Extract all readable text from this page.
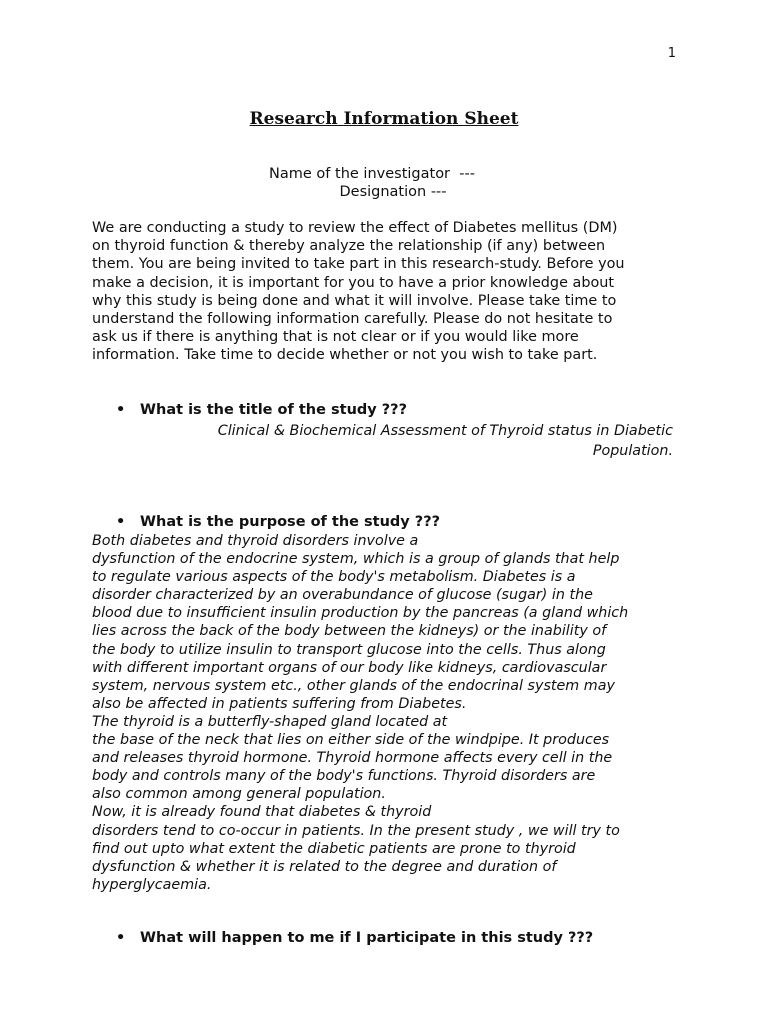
1
Research Information Sheet

Name of the investigator  ---

Designation ---

We are conducting a study to review the effect of Diabetes mellitus (DM)
on thyroid function & thereby analyze the relationship (if any) between
them. You are being invited to take part in this research-study. Before you
make a decision, it is important for you to have a prior knowledge about
why this study is being done and what it will involve. Please take time to
understand the following information carefully. Please do not hesitate to
ask us if there is anything that is not clear or if you would like more
information. Take time to decide whether or not you wish to take part.

• What is the title of the study ???

Clinical & Biochemical Assessment of Thyroid status in Diabetic
Population.

• What is the purpose of the study ???

Both diabetes and thyroid disorders involve a
dysfunction of the endocrine system, which is a group of glands that help
to regulate various aspects of the body's metabolism. Diabetes is a
disorder characterized by an overabundance of glucose (sugar) in the
blood due to insufficient insulin production by the pancreas (a gland which
lies across the back of the body between the kidneys) or the inability of
the body to utilize insulin to transport glucose into the cells. Thus along
with different important organs of our body like kidneys, cardiovascular
system, nervous system etc., other glands of the endocrinal system may
also be affected in patients suffering from Diabetes.
The thyroid is a butterfly-shaped gland located at
the base of the neck that lies on either side of the windpipe. It produces
and releases thyroid hormone. Thyroid hormone affects every cell in the
body and controls many of the body's functions. Thyroid disorders are
also common among general population.
Now, it is already found that diabetes & thyroid
disorders tend to co-occur in patients. In the present study , we will try to
find out upto what extent the diabetic patients are prone to thyroid
dysfunction & whether it is related to the degree and duration of
hyperglycaemia.

• What will happen to me if I participate in this study ???
